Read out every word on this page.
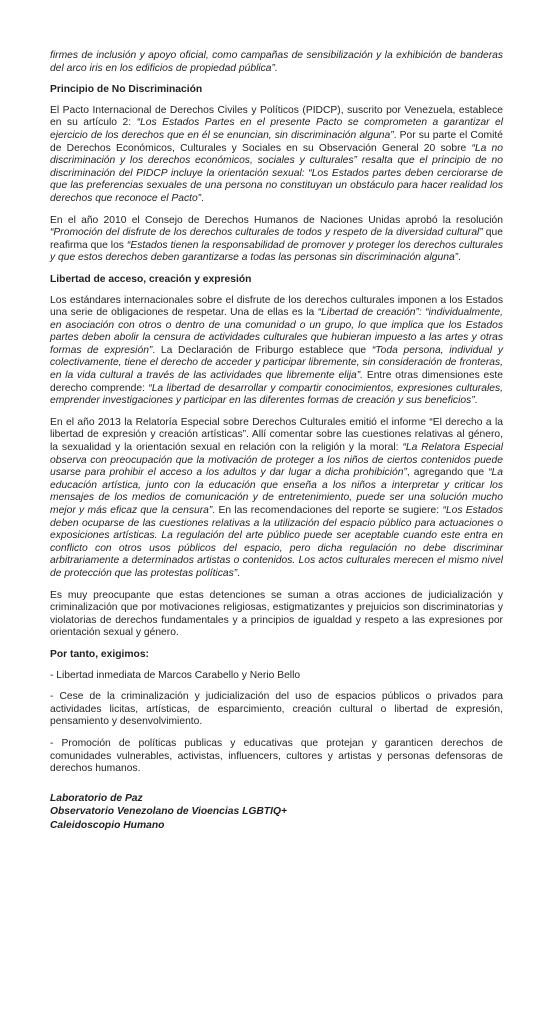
firmes de inclusión y apoyo oficial, como campañas de sensibilización y la exhibición de banderas del arco iris en los edificios de propiedad pública”.

Principio de No Discriminación

El Pacto Internacional de Derechos Civiles y Políticos (PIDCP), suscrito por Venezuela, establece en su artículo 2: “Los Estados Partes en el presente Pacto se comprometen a garantizar el ejercicio de los derechos que en él se enuncian, sin discriminación alguna”. Por su parte el Comité de Derechos Económicos, Culturales y Sociales en su Observación General 20 sobre “La no discriminación y los derechos económicos, sociales y culturales” resalta que el principio de no discriminación del PIDCP incluye la orientación sexual: “Los Estados partes deben cerciorarse de que las preferencias sexuales de una persona no constituyan un obstáculo para hacer realidad los derechos que reconoce el Pacto”.

En el año 2010 el Consejo de Derechos Humanos de Naciones Unidas aprobó la resolución “Promoción del disfrute de los derechos culturales de todos y respeto de la diversidad cultural” que reafirma que los “Estados tienen la responsabilidad de promover y proteger los derechos culturales y que estos derechos deben garantizarse a todas las personas sin discriminación alguna”.

Libertad de acceso, creación y expresión

Los estándares internacionales sobre el disfrute de los derechos culturales imponen a los Estados una serie de obligaciones de respetar. Una de ellas es la “Libertad de creación”: “individualmente, en asociación con otros o dentro de una comunidad o un grupo, lo que implica que los Estados partes deben abolir la censura de actividades culturales que hubieran impuesto a las artes y otras formas de expresión”. La Declaración de Friburgo establece que “Toda persona, individual y colectivamente, tiene el derecho de acceder y participar libremente, sin consideración de fronteras, en la vida cultural a través de las actividades que libremente elija”. Entre otras dimensiones este derecho comprende: “La libertad de desarrollar y compartir conocimientos, expresiones culturales, emprender investigaciones y participar en las diferentes formas de creación y sus beneficios”.

En el año 2013 la Relatoría Especial sobre Derechos Culturales emitió el informe “El derecho a la libertad de expresión y creación artísticas”. Allí comentar sobre las cuestiones relativas al género, la sexualidad y la orientación sexual en relación con la religión y la moral: “La Relatora Especial observa con preocupación que la motivación de proteger a los niños de ciertos contenidos puede usarse para prohibir el acceso a los adultos y dar lugar a dicha prohibición”, agregando que “La educación artística, junto con la educación que enseña a los niños a interpretar y criticar los mensajes de los medios de comunicación y de entretenimiento, puede ser una solución mucho mejor y más eficaz que la censura”. En las recomendaciones del reporte se sugiere: “Los Estados deben ocuparse de las cuestiones relativas a la utilización del espacio público para actuaciones o exposiciones artísticas. La regulación del arte público puede ser aceptable cuando este entra en conflicto con otros usos públicos del espacio, pero dicha regulación no debe discriminar arbitrariamente a determinados artistas o contenidos. Los actos culturales merecen el mismo nivel de protección que las protestas políticas”.

Es muy preocupante que estas detenciones se suman a otras acciones de judicialización y criminalización que por motivaciones religiosas, estigmatizantes y prejuicios son discriminatorias y violatorias de derechos fundamentales y a principios de igualdad y respeto a las expresiones por orientación sexual y género.

Por tanto, exigimos:

- Libertad inmediata de Marcos Carabello y Nerio Bello

- Cese de la criminalización y judicialización del uso de espacios públicos o privados para actividades licitas, artísticas, de esparcimiento, creación cultural o libertad de expresión, pensamiento y desenvolvimiento.

- Promoción de políticas publicas y educativas que protejan y garanticen derechos de comunidades vulnerables, activistas, influencers, cultores y artistas y personas defensoras de derechos humanos.

Laboratorio de Paz
Observatorio Venezolano de Vioencias LGBTIQ+
Caleidoscopio Humano
